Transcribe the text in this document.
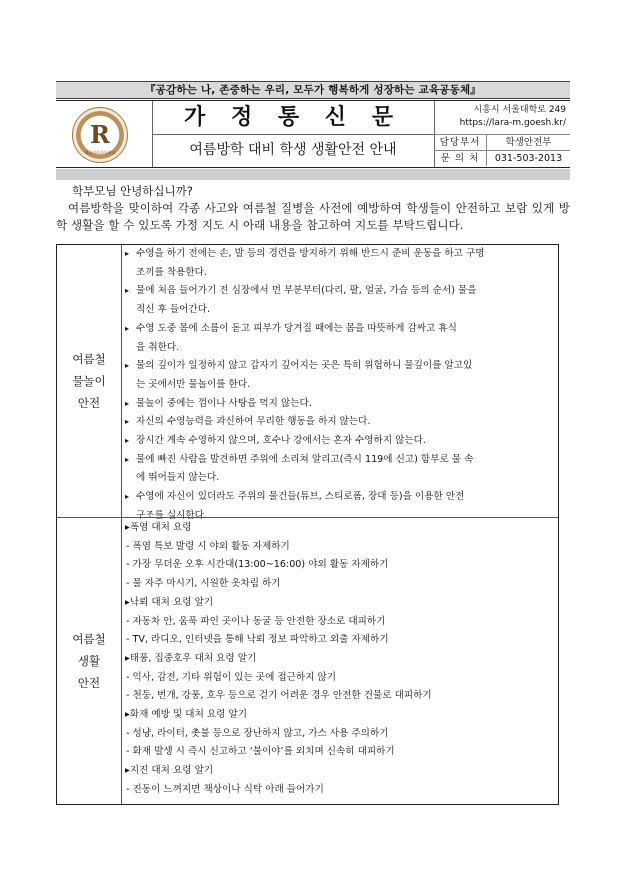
『공감하는 나, 존중하는 우리, 모두가 행복하게 성장하는 교육공동체』
R
배곧라라초등학교
가 정 통 신 문
여름방학 대비 학생 생활안전 안내
시흥시 서울대학로 249
https://lara-m.goesh.kr/
담당부서	학생안전부
문 의 처	031-503-2013
학부모님 안녕하십니까?
여름방학을 맞이하여 각종 사고와 여름철 질병을 사전에 예방하여 학생들이 안전하고 보람 있게 방학 생활을 할 수 있도록 가정 지도 시 아래 내용을 참고하여 지도를 부탁드립니다.
여름철
물놀이
안전
▸ 수영을 하기 전에는 손, 발 등의 경련을 방지하기 위해 반드시 준비 운동을 하고 구명
조끼를 착용한다.
▸ 물에 처음 들어가기 전 심장에서 먼 부분부터(다리, 팔, 얼굴, 가슴 등의 순서) 물을
적신 후 들어간다.
▸ 수영 도중 몸에 소름이 돋고 피부가 당겨질 때에는 몸을 따뜻하게 감싸고 휴식
을 취한다.
▸ 물의 깊이가 일정하지 않고 갑자기 깊어지는 곳은 특히 위험하니 물깊이를 알고있
는 곳에서만 물놀이를 한다.
▸ 물놀이 중에는 껌이나 사탕을 먹지 않는다.
▸ 자신의 수영능력을 과신하여 무리한 행동을 하지 않는다.
▸ 장시간 계속 수영하지 않으며, 호수나 강에서는 혼자 수영하지 않는다.
▸ 물에 빠진 사람을 발견하면 주위에 소리쳐 알리고(즉시 119에 신고) 함부로 물 속
에 뛰어들지 않는다.
▸ 수영에 자신이 있더라도 주위의 물건들(튜브, 스티로폼, 장대 등)을 이용한 안전
구조를 실시한다.
여름철
생활
안전
▸폭염 대처 요령
- 폭염 특보 발령 시 야외 활동 자제하기
- 가장 무더운 오후 시간대(13:00~16:00) 야외 활동 자제하기
- 물 자주 마시기, 시원한 옷차림 하기
▸낙뢰 대처 요령 알기
- 자동차 안, 움푹 파인 곳이나 동굴 등 안전한 장소로 대피하기
- TV, 라디오, 인터넷을 통해 낙뢰 정보 파악하고 외출 자제하기
▸태풍, 집중호우 대처 요령 알기
- 익사, 감전, 기타 위험이 있는 곳에 접근하지 않기
- 천둥, 번개, 강풍, 호우 등으로 걷기 어려운 경우 안전한 건물로 대피하기
▸화재 예방 및 대처 요령 알기
- 성냥, 라이터, 촛불 등으로 장난하지 않고, 가스 사용 주의하기
- 화재 발생 시 즉시 신고하고 ‘불이야’를 외치며 신속히 대피하기
▸지진 대처 요령 알기
- 진동이 느껴지면 책상이나 식탁 아래 들어가기
